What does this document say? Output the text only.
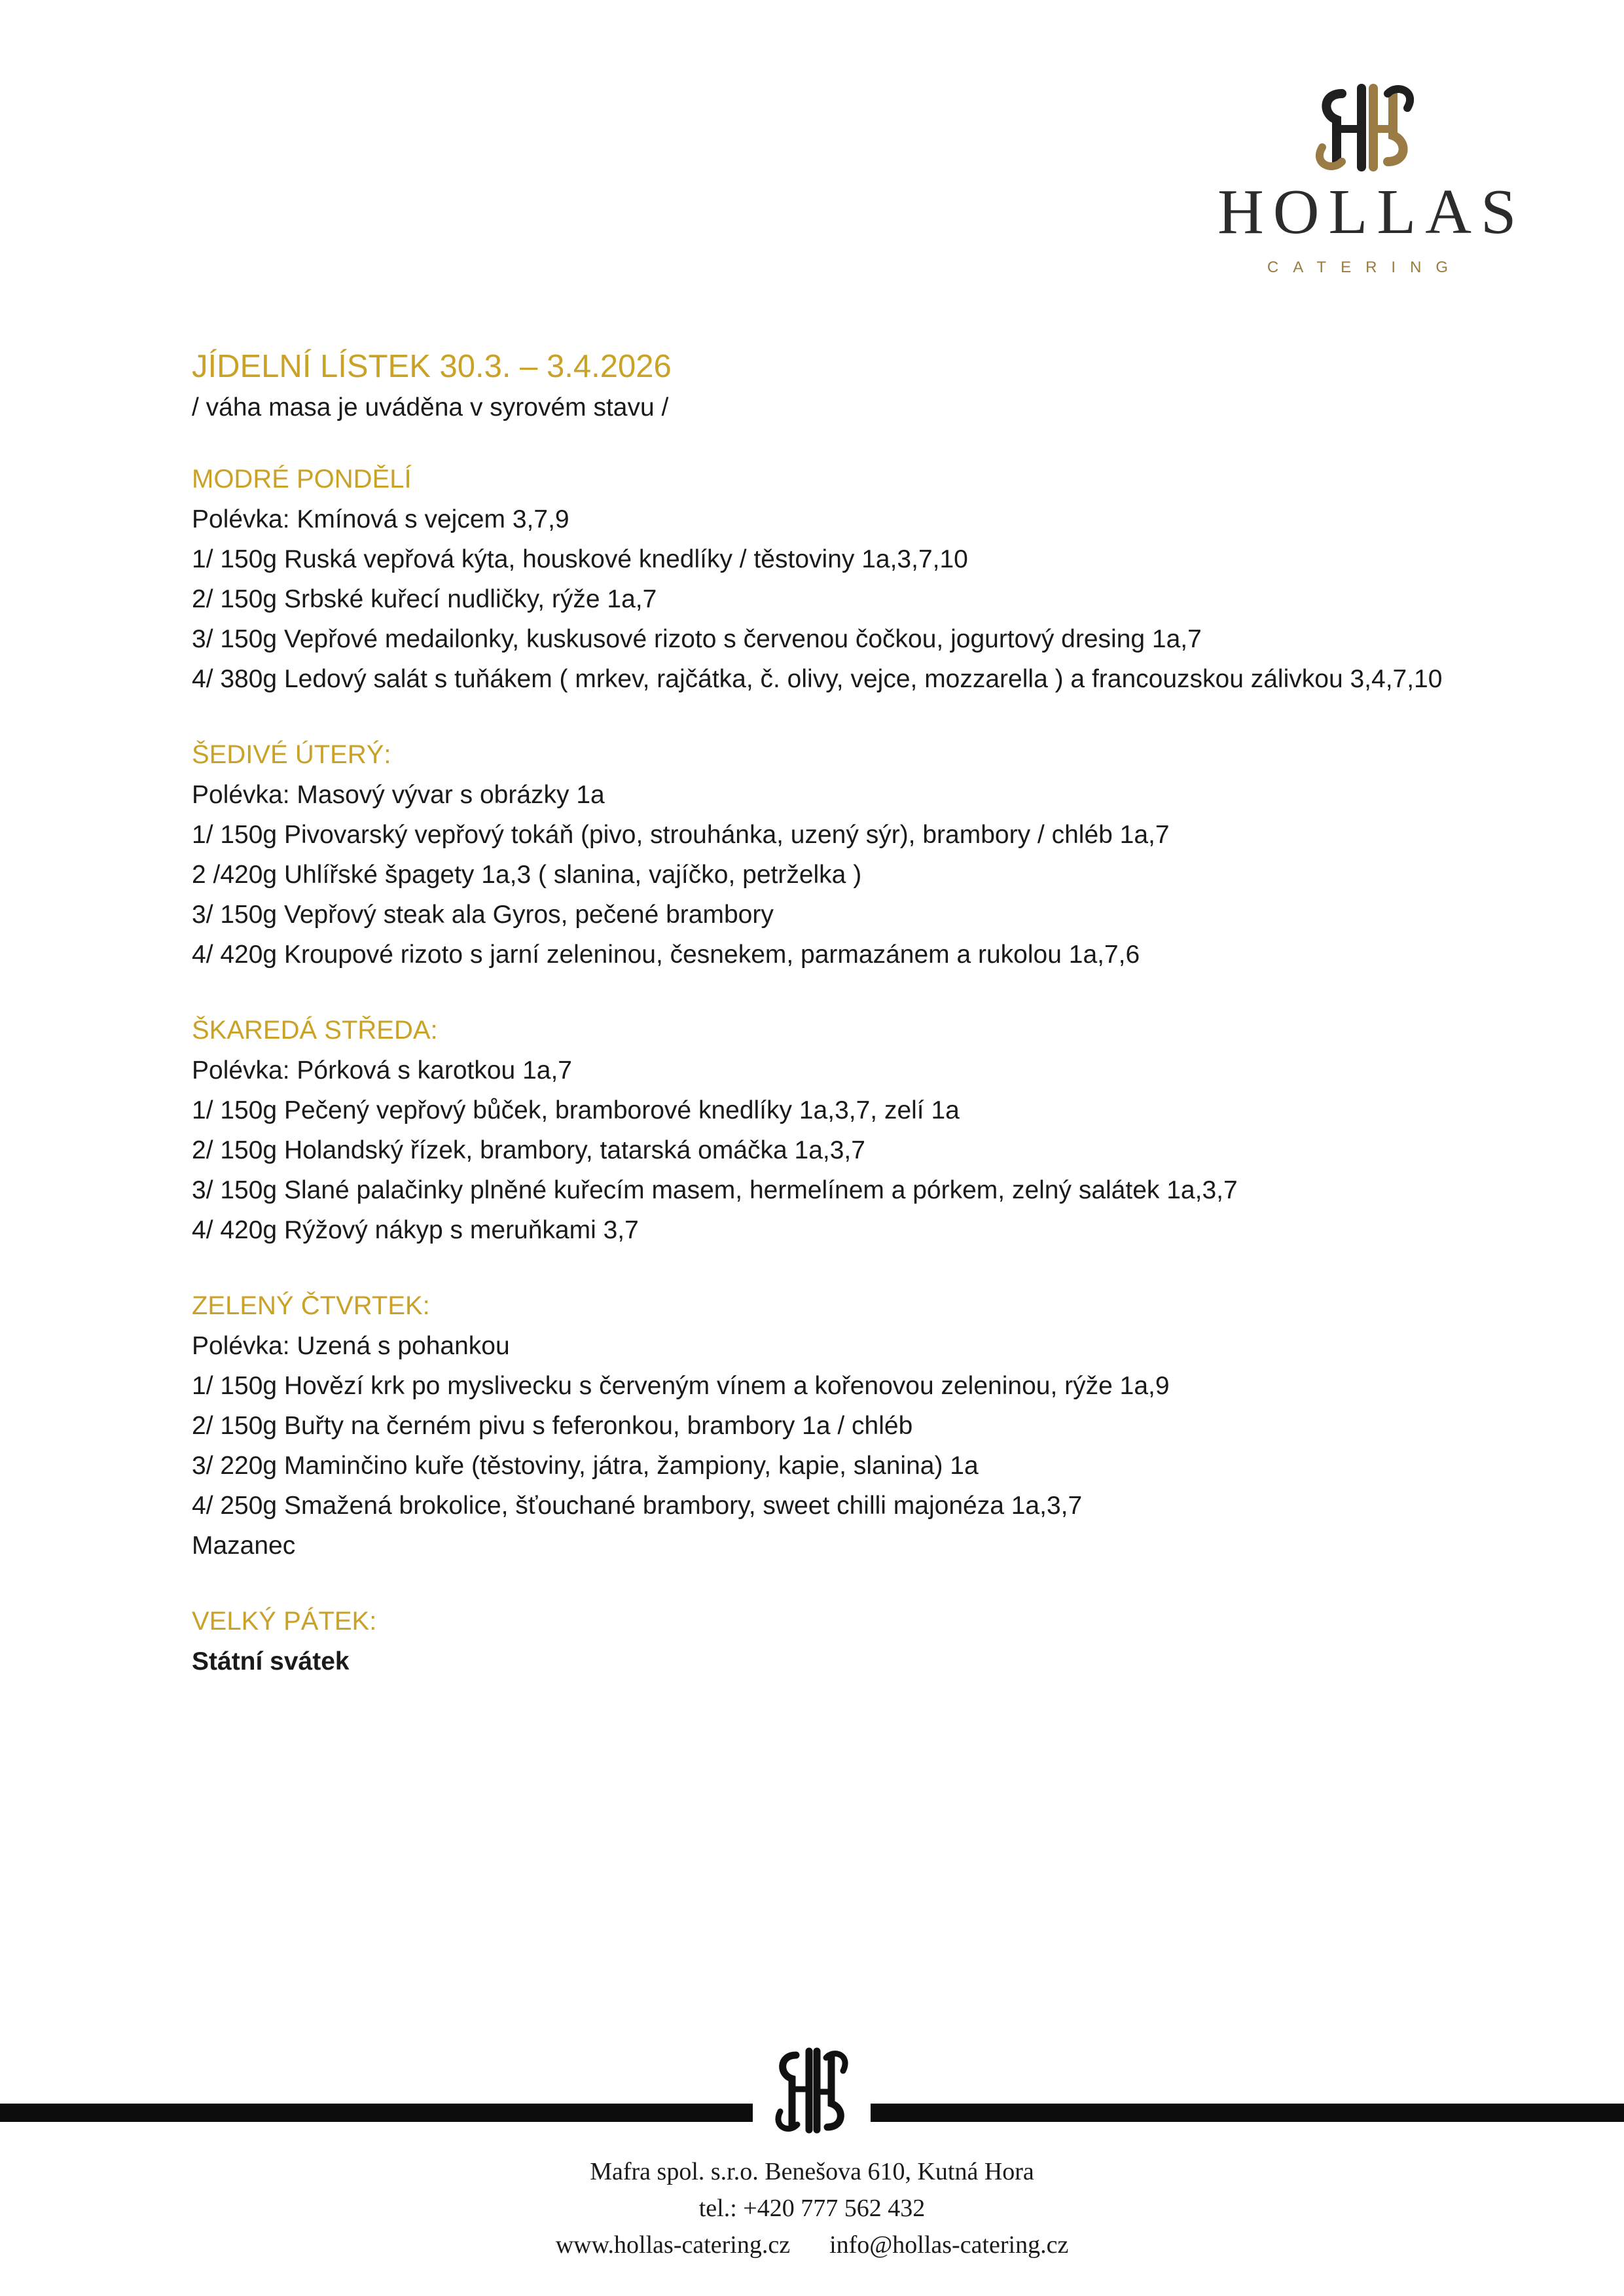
HOLLAS
CATERING
JÍDELNÍ LÍSTEK 30.3. – 3.4.2026
/ váha masa je uváděna v syrovém stavu /
MODRÉ PONDĚLÍ
Polévka: Kmínová s vejcem 3,7,9
1/ 150g Ruská vepřová kýta, houskové knedlíky / těstoviny 1a,3,7,10
2/ 150g Srbské kuřecí nudličky, rýže 1a,7
3/ 150g Vepřové medailonky, kuskusové rizoto s červenou čočkou, jogurtový dresing 1a,7
4/ 380g Ledový salát s tuňákem ( mrkev, rajčátka, č. olivy, vejce, mozzarella ) a francouzskou zálivkou 3,4,7,10
ŠEDIVÉ ÚTERÝ:
Polévka: Masový vývar s obrázky 1a
1/ 150g Pivovarský vepřový tokáň (pivo, strouhánka, uzený sýr), brambory / chléb 1a,7
2 /420g Uhlířské špagety 1a,3 ( slanina, vajíčko, petrželka )
3/ 150g Vepřový steak ala Gyros, pečené brambory
4/ 420g Kroupové rizoto s jarní zeleninou, česnekem, parmazánem a rukolou 1a,7,6
ŠKAREDÁ STŘEDA:
Polévka: Pórková s karotkou 1a,7
1/ 150g Pečený vepřový bůček, bramborové knedlíky 1a,3,7, zelí 1a
2/ 150g Holandský řízek, brambory, tatarská omáčka 1a,3,7
3/ 150g Slané palačinky plněné kuřecím masem, hermelínem a pórkem, zelný salátek 1a,3,7
4/ 420g Rýžový nákyp s meruňkami 3,7
ZELENÝ ČTVRTEK:
Polévka: Uzená s pohankou
1/ 150g Hovězí krk po myslivecku s červeným vínem a kořenovou zeleninou, rýže 1a,9
2/ 150g Buřty na černém pivu s feferonkou, brambory 1a / chléb
3/ 220g Maminčino kuře (těstoviny, játra, žampiony, kapie, slanina) 1a
4/ 250g Smažená brokolice, šťouchané brambory, sweet chilli majonéza 1a,3,7
Mazanec
VELKÝ PÁTEK:
Státní svátek
Mafra spol. s.r.o. Benešova 610, Kutná Hora
tel.: +420 777 562 432
www.hollas-catering.cz info@hollas-catering.cz
